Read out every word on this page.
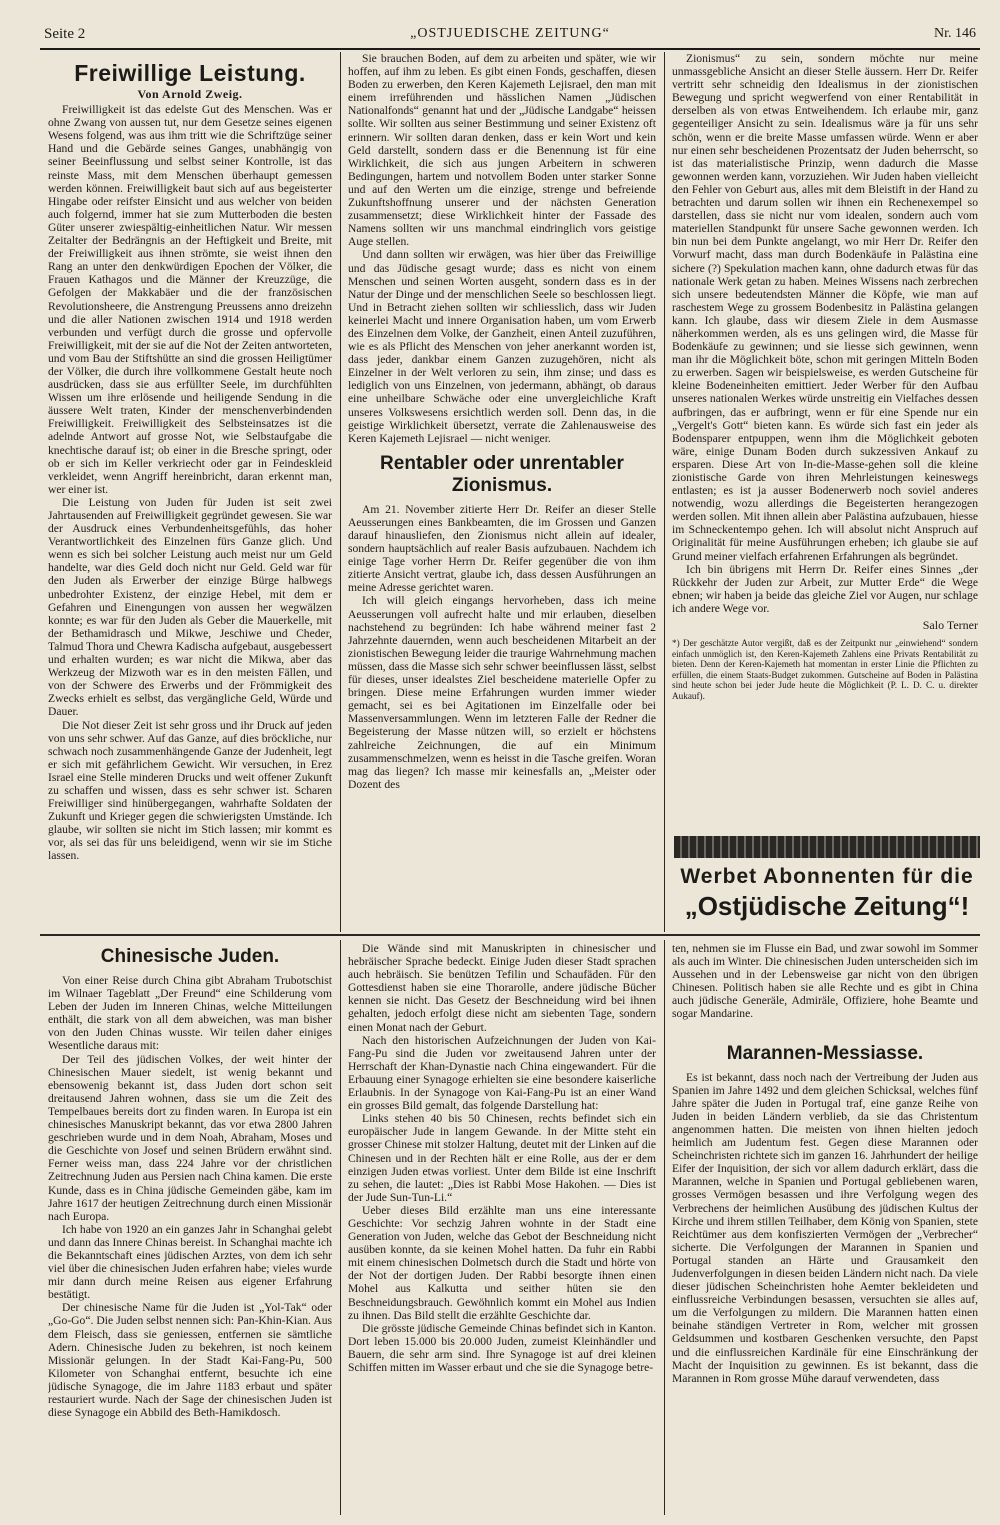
Seite 2	„OSTJUEDISCHE ZEITUNG“	Nr. 146
Freiwillige Leistung.
Von Arnold Zweig.

Freiwilligkeit ist das edelste Gut des Menschen. Was er ohne Zwang von aussen tut, nur dem Gesetze seines eigenen Wesens folgend, was aus ihm tritt wie die Schriftzüge seiner Hand und die Gebärde seines Ganges, unabhängig von seiner Beeinflussung und selbst seiner Kontrolle, ist das reinste Mass, mit dem Menschen überhaupt gemessen werden können. Freiwilligkeit baut sich auf aus begeisterter Hingabe oder reifster Einsicht und aus welcher von beiden auch folgernd, immer hat sie zum Mutterboden die besten Güter unserer zwiespältig-einheitlichen Natur. Wir messen Zeitalter der Bedrängnis an der Heftigkeit und Breite, mit der Freiwilligkeit aus ihnen strömte, sie weist ihnen den Rang an unter den denkwürdigen Epochen der Völker, die Frauen Kathagos und die Männer der Kreuzzüge, die Gefolgen der Makkabäer und die der französischen Revolutionsheere, die Anstrengung Preussens anno dreizehn und die aller Nationen zwischen 1914 und 1918 werden verbunden und verfügt durch die grosse und opfervolle Freiwilligkeit, mit der sie auf die Not der Zeiten antworteten, und vom Bau der Stiftshütte an sind die grossen Heiligtümer der Völker, die durch ihre vollkommene Gestalt heute noch ausdrücken, dass sie aus erfüllter Seele, im durchfühlten Wissen um ihre erlösende und heiligende Sendung in die äussere Welt traten, Kinder der menschenverbindenden Freiwilligkeit. Freiwilligkeit des Selbsteinsatzes ist die adelnde Antwort auf grosse Not, wie Selbstaufgabe die knechtische darauf ist; ob einer in die Bresche springt, oder ob er sich im Keller verkriecht oder gar in Feindeskleid verkleidet, wenn Angriff hereinbricht, daran erkennt man, wer einer ist.

Die Leistung von Juden für Juden ist seit zwei Jahrtausenden auf Freiwilligkeit gegründet gewesen. Sie war der Ausdruck eines Verbundenheitsgefühls, das hoher Verantwortlichkeit des Einzelnen fürs Ganze glich. Und wenn es sich bei solcher Leistung auch meist nur um Geld handelte, war dies Geld doch nicht nur Geld. Geld war für den Juden als Erwerber der einzige Bürge halbwegs unbedrohter Existenz, der einzige Hebel, mit dem er Gefahren und Einengungen von aussen her wegwälzen konnte; es war für den Juden als Geber die Mauerkelle, mit der Bethamidrasch und Mikwe, Jeschiwe und Cheder, Talmud Thora und Chewra Kadischa aufgebaut, ausgebessert und erhalten wurden; es war nicht die Mikwa, aber das Werkzeug der Mizwoth war es in den meisten Fällen, und von der Schwere des Erwerbs und der Frömmigkeit des Zwecks erhielt es selbst, das vergängliche Geld, Würde und Dauer.

Die Not dieser Zeit ist sehr gross und ihr Druck auf jeden von uns sehr schwer. Auf das Ganze, auf dies bröckliche, nur schwach noch zusammenhängende Ganze der Judenheit, legt er sich mit gefährlichem Gewicht. Wir versuchen, in Erez Israel eine Stelle minderen Drucks und weit offener Zukunft zu schaffen und wissen, dass es sehr schwer ist. Scharen Freiwilliger sind hinübergegangen, wahrhafte Soldaten der Zukunft und Krieger gegen die schwierigsten Umstände. Ich glaube, wir sollten sie nicht im Stich lassen; mir kommt es vor, als sei das für uns beleidigend, wenn wir sie im Stiche lassen.

Sie brauchen Boden, auf dem zu arbeiten und später, wie wir hoffen, auf ihm zu leben. Es gibt einen Fonds, geschaffen, diesen Boden zu erwerben, den Keren Kajemeth Lejisrael, den man mit einem irreführenden und hässlichen Namen „Jüdischen Nationalfonds“ genannt hat und der „Jüdische Landgabe“ heissen sollte. Wir sollten aus seiner Bestimmung und seiner Existenz oft erinnern. Wir sollten daran denken, dass er kein Wort und kein Geld darstellt, sondern dass er die Benennung ist für eine Wirklichkeit, die sich aus jungen Arbeitern in schweren Bedingungen, hartem und notvollem Boden unter starker Sonne und auf den Werten um die einzige, strenge und befreiende Zukunftshoffnung unserer und der nächsten Generation zusammensetzt; diese Wirklichkeit hinter der Fassade des Namens sollten wir uns manchmal eindringlich vors geistige Auge stellen.

Und dann sollten wir erwägen, was hier über das Freiwillige und das Jüdische gesagt wurde; dass es nicht von einem Menschen und seinen Worten ausgeht, sondern dass es in der Natur der Dinge und der menschlichen Seele so beschlossen liegt. Und in Betracht ziehen sollten wir schliesslich, dass wir Juden keinerlei Macht und innere Organisation haben, um vom Erwerb des Einzelnen dem Volke, der Ganzheit, einen Anteil zuzuführen, wie es als Pflicht des Menschen von jeher anerkannt worden ist, dass jeder, dankbar einem Ganzen zuzugehören, nicht als Einzelner in der Welt verloren zu sein, ihm zinse; und dass es lediglich von uns Einzelnen, von jedermann, abhängt, ob daraus eine unheilbare Schwäche oder eine unvergleichliche Kraft unseres Volkswesens ersichtlich werden soll. Denn das, in die geistige Wirklichkeit übersetzt, verrate die Zahlenausweise des Keren Kajemeth Lejisrael — nicht weniger.

Rentabler oder unrentabler Zionismus.

Am 21. November zitierte Herr Dr. Reifer an dieser Stelle Aeusserungen eines Bankbeamten, die im Grossen und Ganzen darauf hinausliefen, den Zionismus nicht allein auf idealer, sondern hauptsächlich auf realer Basis aufzubauen. Nachdem ich einige Tage vorher Herrn Dr. Reifer gegenüber die von ihm zitierte Ansicht vertrat, glaube ich, dass dessen Ausführungen an meine Adresse gerichtet waren.

Ich will gleich eingangs hervorheben, dass ich meine Aeusserungen voll aufrecht halte und mir erlauben, dieselben nachstehend zu begründen: Ich habe während meiner fast 2 Jahrzehnte dauernden, wenn auch bescheidenen Mitarbeit an der zionistischen Bewegung leider die traurige Wahrnehmung machen müssen, dass die Masse sich sehr schwer beeinflussen lässt, selbst für dieses, unser idealstes Ziel bescheidene materielle Opfer zu bringen. Diese meine Erfahrungen wurden immer wieder gemacht, sei es bei Agitationen im Einzelfalle oder bei Massenversammlungen. Wenn im letzteren Falle der Redner die Begeisterung der Masse nützen will, so erzielt er höchstens zahlreiche Zeichnungen, die auf ein Minimum zusammenschmelzen, wenn es heisst in die Tasche greifen. Woran mag das liegen? Ich masse mir keinesfalls an, „Meister oder Dozent des

Zionismus“ zu sein, sondern möchte nur meine unmassgebliche Ansicht an dieser Stelle äussern. Herr Dr. Reifer vertritt sehr schneidig den Idealismus in der zionistischen Bewegung und spricht wegwerfend von einer Rentabilität in derselben als von etwas Entweihendem. Ich erlaube mir, ganz gegenteiliger Ansicht zu sein. Idealismus wäre ja für uns sehr schön, wenn er die breite Masse umfassen würde. Wenn er aber nur einen sehr bescheidenen Prozentsatz der Juden beherrscht, so ist das materialistische Prinzip, wenn dadurch die Masse gewonnen werden kann, vorzuziehen. Wir Juden haben vielleicht den Fehler von Geburt aus, alles mit dem Bleistift in der Hand zu betrachten und darum sollen wir ihnen ein Rechenexempel so darstellen, dass sie nicht nur vom idealen, sondern auch vom materiellen Standpunkt für unsere Sache gewonnen werden. Ich bin nun bei dem Punkte angelangt, wo mir Herr Dr. Reifer den Vorwurf macht, dass man durch Bodenkäufe in Palästina eine sichere (?) Spekulation machen kann, ohne dadurch etwas für das nationale Werk getan zu haben. Meines Wissens nach zerbrechen sich unsere bedeutendsten Männer die Köpfe, wie man auf raschestem Wege zu grossem Bodenbesitz in Palästina gelangen kann. Ich glaube, dass wir diesem Ziele in dem Ausmasse näherkommen werden, als es uns gelingen wird, die Masse für Bodenkäufe zu gewinnen; und sie liesse sich gewinnen, wenn man ihr die Möglichkeit böte, schon mit geringen Mitteln Boden zu erwerben. Sagen wir beispielsweise, es werden Gutscheine für kleine Bodeneinheiten emittiert. Jeder Werber für den Aufbau unseres nationalen Werkes würde unstreitig ein Vielfaches dessen aufbringen, das er aufbringt, wenn er für eine Spende nur ein „Vergelt's Gott“ bieten kann. Es würde sich fast ein jeder als Bodensparer entpuppen, wenn ihm die Möglichkeit geboten wäre, einige Dunam Boden durch sukzessiven Ankauf zu ersparen. Diese Art von In-die-Masse-gehen soll die kleine zionistische Garde von ihren Mehrleistungen keineswegs entlasten; es ist ja ausser Bodenerwerb noch soviel anderes notwendig, wozu allerdings die Begeisterten herangezogen werden sollen. Mit ihnen allein aber Palästina aufzubauen, hiesse im Schneckentempo gehen. Ich will absolut nicht Anspruch auf Originalität für meine Ausführungen erheben; ich glaube sie auf Grund meiner vielfach erfahrenen Erfahrungen als begründet.

Ich bin übrigens mit Herrn Dr. Reifer eines Sinnes „der Rückkehr der Juden zur Arbeit, zur Mutter Erde“ die Wege ebnen; wir haben ja beide das gleiche Ziel vor Augen, nur schlage ich andere Wege vor.

Salo Terner
*) Der geschätzte Autor vergißt, daß es der Zeitpunkt nur „einwiehend“ sondern einfach unmöglich ist, den Keren-Kajemeth Zahlens eine Privats Rentabilität zu bieten. Denn der Keren-Kajemeth hat momentan in erster Linie die Pflichten zu erfüllen, die einem Staats-Budget zukommen. Gutscheine auf Boden in Palästina sind heute schon bei jeder Jude heute die Möglichkeit (P. L. D. C. u. direkter Aukauf).
Werbet Abonnenten für die
„Ostjüdische Zeitung“!
Chinesische Juden.

Von einer Reise durch China gibt Abraham Trubotschist im Wilnaer Tageblatt „Der Freund“ eine Schilderung vom Leben der Juden im Inneren Chinas, welche Mitteilungen enthält, die stark von all dem abweichen, was man bisher von den Juden Chinas wusste. Wir teilen daher einiges Wesentliche daraus mit:

Der Teil des jüdischen Volkes, der weit hinter der Chinesischen Mauer siedelt, ist wenig bekannt und ebensowenig bekannt ist, dass Juden dort schon seit dreitausend Jahren wohnen, dass sie um die Zeit des Tempelbaues bereits dort zu finden waren. In Europa ist ein chinesisches Manuskript bekannt, das vor etwa 2800 Jahren geschrieben wurde und in dem Noah, Abraham, Moses und die Geschichte von Josef und seinen Brüdern erwähnt sind. Ferner weiss man, dass 224 Jahre vor der christlichen Zeitrechnung Juden aus Persien nach China kamen. Die erste Kunde, dass es in China jüdische Gemeinden gäbe, kam im Jahre 1617 der heutigen Zeitrechnung durch einen Missionär nach Europa.

Ich habe von 1920 an ein ganzes Jahr in Schanghai gelebt und dann das Innere Chinas bereist. In Schanghai machte ich die Bekanntschaft eines jüdischen Arztes, von dem ich sehr viel über die chinesischen Juden erfahren habe; vieles wurde mir dann durch meine Reisen aus eigener Erfahrung bestätigt.

Der chinesische Name für die Juden ist „Yol-Tak“ oder „Go-Go“. Die Juden selbst nennen sich: Pan-Khin-Kian. Aus dem Fleisch, dass sie geniessen, entfernen sie sämtliche Adern. Chinesische Juden zu bekehren, ist noch keinem Missionär gelungen. In der Stadt Kai-Fang-Pu, 500 Kilometer von Schanghai entfernt, besuchte ich eine jüdische Synagoge, die im Jahre 1183 erbaut und später restauriert wurde. Nach der Sage der chinesischen Juden ist diese Synagoge ein Abbild des Beth-Hamikdosch.

Die Wände sind mit Manuskripten in chinesischer und hebräischer Sprache bedeckt. Einige Juden dieser Stadt sprachen auch hebräisch. Sie benützen Tefilin und Schaufäden. Für den Gottesdienst haben sie eine Thorarolle, andere jüdische Bücher kennen sie nicht. Das Gesetz der Beschneidung wird bei ihnen gehalten, jedoch erfolgt diese nicht am siebenten Tage, sondern einen Monat nach der Geburt.

Nach den historischen Aufzeichnungen der Juden von Kai-Fang-Pu sind die Juden vor zweitausend Jahren unter der Herrschaft der Khan-Dynastie nach China eingewandert. Für die Erbauung einer Synagoge erhielten sie eine besondere kaiserliche Erlaubnis. In der Synagoge von Kai-Fang-Pu ist an einer Wand ein grosses Bild gemalt, das folgende Darstellung hat:

Links stehen 40 bis 50 Chinesen, rechts befindet sich ein europäischer Jude in langem Gewande. In der Mitte steht ein grosser Chinese mit stolzer Haltung, deutet mit der Linken auf die Chinesen und in der Rechten hält er eine Rolle, aus der er dem einzigen Juden etwas vorliest. Unter dem Bilde ist eine Inschrift zu sehen, die lautet: „Dies ist Rabbi Mose Hakohen. — Dies ist der Jude Sun-Tun-Li.“

Ueber dieses Bild erzählte man uns eine interessante Geschichte: Vor sechzig Jahren wohnte in der Stadt eine Generation von Juden, welche das Gebot der Beschneidung nicht ausüben konnte, da sie keinen Mohel hatten. Da fuhr ein Rabbi mit einem chinesischen Dolmetsch durch die Stadt und hörte von der Not der dortigen Juden. Der Rabbi besorgte ihnen einen Mohel aus Kalkutta und seither hüten sie den Beschneidungsbrauch. Gewöhnlich kommt ein Mohel aus Indien zu ihnen. Das Bild stellt die erzählte Geschichte dar.

Die grösste jüdische Gemeinde Chinas befindet sich in Kanton. Dort leben 15.000 bis 20.000 Juden, zumeist Kleinhändler und Bauern, die sehr arm sind. Ihre Synagoge ist auf drei kleinen Schiffen mitten im Wasser erbaut und che sie die Synagoge betre-

ten, nehmen sie im Flusse ein Bad, und zwar sowohl im Sommer als auch im Winter. Die chinesischen Juden unterscheiden sich im Aussehen und in der Lebensweise gar nicht von den übrigen Chinesen. Politisch haben sie alle Rechte und es gibt in China auch jüdische Generäle, Admiräle, Offiziere, hohe Beamte und sogar Mandarine.

Marannen-Messiasse.

Es ist bekannt, dass noch nach der Vertreibung der Juden aus Spanien im Jahre 1492 und dem gleichen Schicksal, welches fünf Jahre später die Juden in Portugal traf, eine ganze Reihe von Juden in beiden Ländern verblieb, da sie das Christentum angenommen hatten. Die meisten von ihnen hielten jedoch heimlich am Judentum fest. Gegen diese Marannen oder Scheinchristen richtete sich im ganzen 16. Jahrhundert der heilige Eifer der Inquisition, der sich vor allem dadurch erklärt, dass die Marannen, welche in Spanien und Portugal gebliebenen waren, grosses Vermögen besassen und ihre Verfolgung wegen des Verbrechens der heimlichen Ausübung des jüdischen Kultus der Kirche und ihrem stillen Teilhaber, dem König von Spanien, stete Reichtümer aus dem konfiszierten Vermögen der „Verbrecher“ sicherte. Die Verfolgungen der Marannen in Spanien und Portugal standen an Härte und Grausamkeit den Judenverfolgungen in diesen beiden Ländern nicht nach. Da viele dieser jüdischen Scheinchristen hohe Aemter bekleideten und einflussreiche Verbindungen besassen, versuchten sie alles auf, um die Verfolgungen zu mildern. Die Marannen hatten einen beinahe ständigen Vertreter in Rom, welcher mit grossen Geldsummen und kostbaren Geschenken versuchte, den Papst und die einflussreichen Kardinäle für eine Einschränkung der Macht der Inquisition zu gewinnen. Es ist bekannt, dass die Marannen in Rom grosse Mühe darauf verwendeten, dass
